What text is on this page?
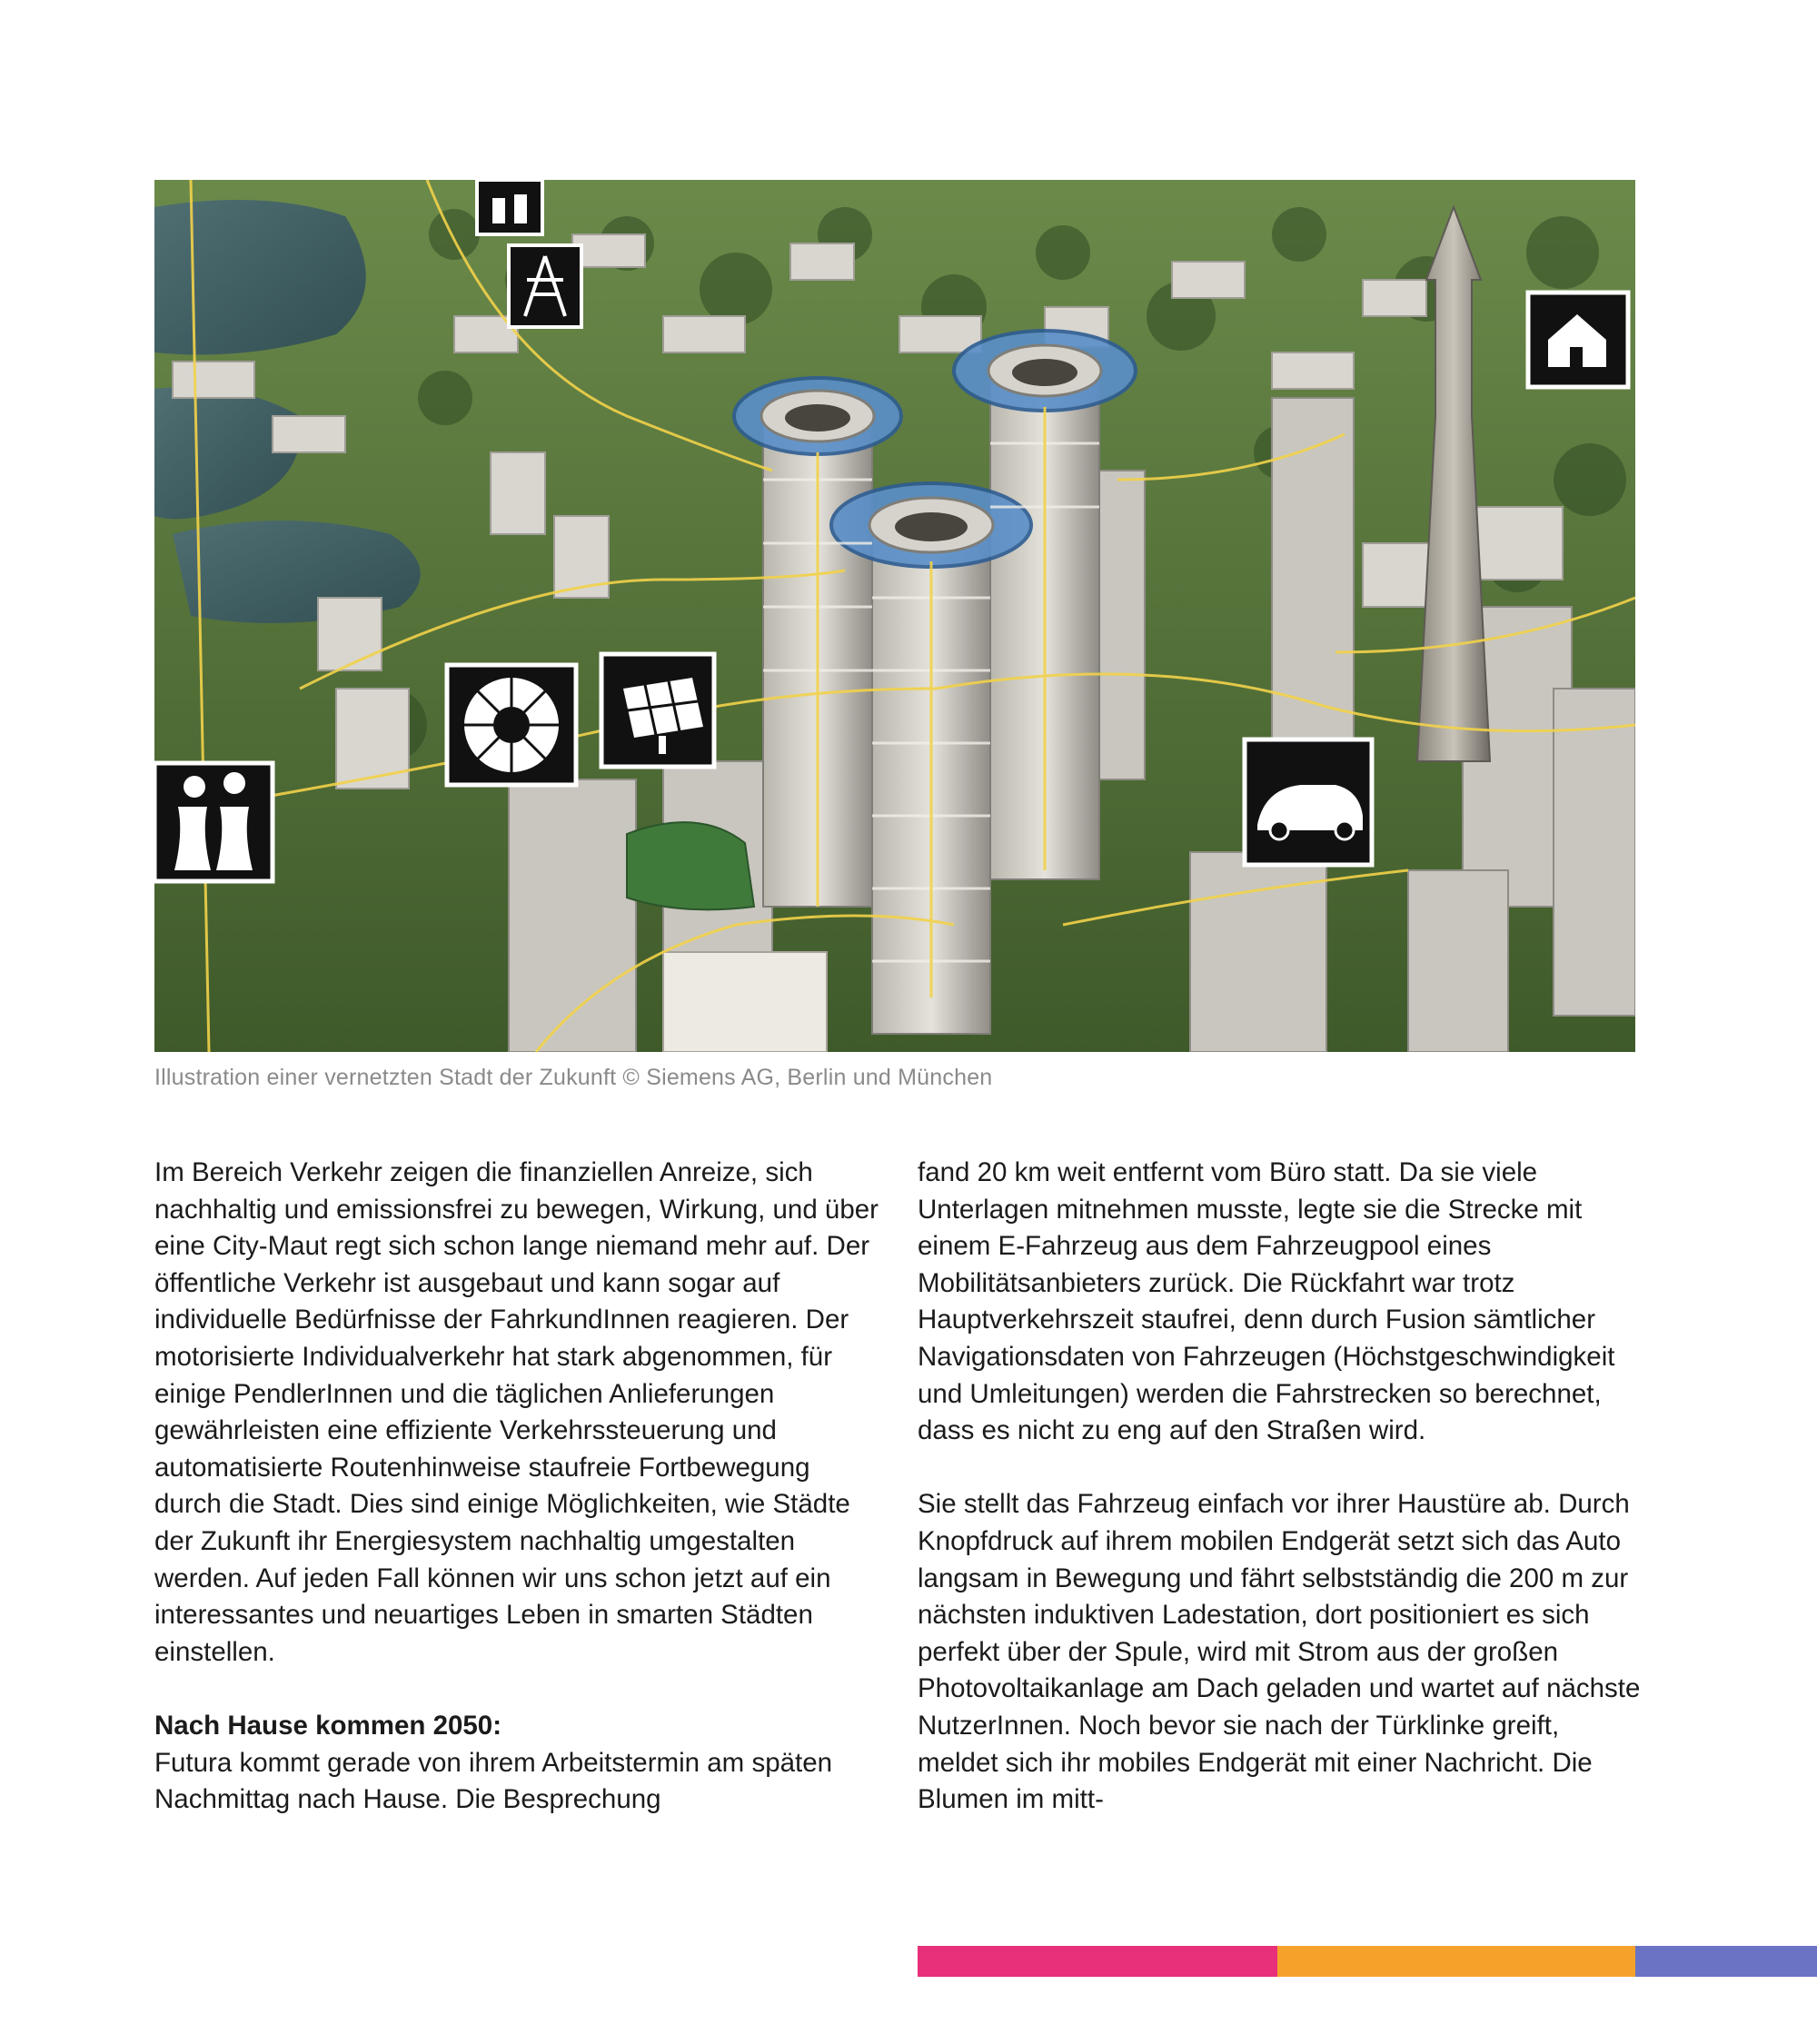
Illustration einer vernetzten Stadt der Zukunft © Siemens AG, Berlin und München

Im Bereich Verkehr zeigen die finanziellen Anreize, sich nachhaltig und emissionsfrei zu bewegen, Wirkung, und über eine City-Maut regt sich schon lange niemand mehr auf. Der öffentliche Verkehr ist ausgebaut und kann sogar auf individuelle Bedürfnisse der FahrkundInnen reagieren. Der motorisierte Individualverkehr hat stark abgenommen, für einige PendlerInnen und die täglichen Anlieferungen gewährleisten eine effiziente Verkehrssteuerung und automatisierte Routenhinweise staufreie Fortbewegung durch die Stadt. Dies sind einige Möglichkeiten, wie Städte der Zukunft ihr Energiesystem nachhaltig umgestalten werden. Auf jeden Fall können wir uns schon jetzt auf ein interessantes und neuartiges Leben in smarten Städten einstellen.

Nach Hause kommen 2050:

Futura kommt gerade von ihrem Arbeitstermin am späten Nachmittag nach Hause. Die Besprechung

fand 20 km weit entfernt vom Büro statt. Da sie viele Unterlagen mitnehmen musste, legte sie die Strecke mit einem E-Fahrzeug aus dem Fahrzeugpool eines Mobilitätsanbieters zurück. Die Rückfahrt war trotz Hauptverkehrszeit staufrei, denn durch Fusion sämtlicher Navigationsdaten von Fahrzeugen (Höchstgeschwindigkeit und Umleitungen) werden die Fahrstrecken so berechnet, dass es nicht zu eng auf den Straßen wird.

Sie stellt das Fahrzeug einfach vor ihrer Haustüre ab. Durch Knopfdruck auf ihrem mobilen Endgerät setzt sich das Auto langsam in Bewegung und fährt selbstständig die 200 m zur nächsten induktiven Ladestation, dort positioniert es sich perfekt über der Spule, wird mit Strom aus der großen Photovoltaikanlage am Dach geladen und wartet auf nächste NutzerInnen. Noch bevor sie nach der Türklinke greift, meldet sich ihr mobiles Endgerät mit einer Nachricht. Die Blumen im mitt-
